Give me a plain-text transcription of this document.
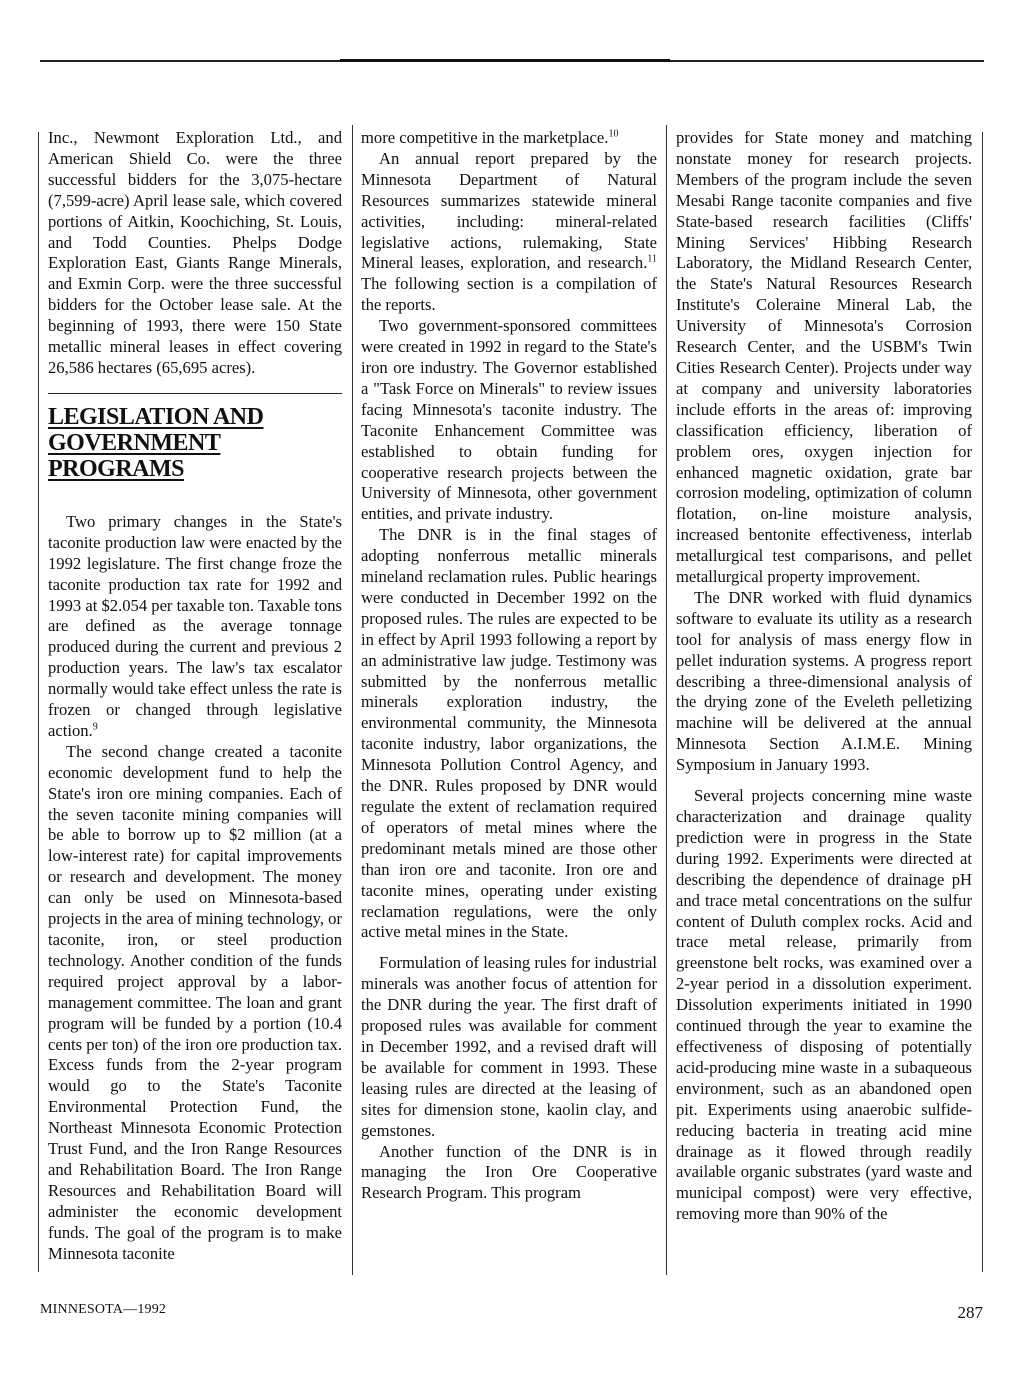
Inc., Newmont Exploration Ltd., and American Shield Co. were the three successful bidders for the 3,075-hectare (7,599-acre) April lease sale, which covered portions of Aitkin, Koochiching, St. Louis, and Todd Counties. Phelps Dodge Exploration East, Giants Range Minerals, and Exmin Corp. were the three successful bidders for the October lease sale. At the beginning of 1993, there were 150 State metallic mineral leases in effect covering 26,586 hectares (65,695 acres).

LEGISLATION AND
GOVERNMENT PROGRAMS

Two primary changes in the State's taconite production law were enacted by the 1992 legislature. The first change froze the taconite production tax rate for 1992 and 1993 at $2.054 per taxable ton. Taxable tons are defined as the average tonnage produced during the current and previous 2 production years. The law's tax escalator normally would take effect unless the rate is frozen or changed through legislative action.$^9$

The second change created a taconite economic development fund to help the State's iron ore mining companies. Each of the seven taconite mining companies will be able to borrow up to $2 million (at a low-interest rate) for capital improvements or research and development. The money can only be used on Minnesota-based projects in the area of mining technology, or taconite, iron, or steel production technology. Another condition of the funds required project approval by a labor-management committee. The loan and grant program will be funded by a portion (10.4 cents per ton) of the iron ore production tax. Excess funds from the 2-year program would go to the State's Taconite Environmental Protection Fund, the Northeast Minnesota Economic Protection Trust Fund, and the Iron Range Resources and Rehabilitation Board. The Iron Range Resources and Rehabilitation Board will administer the economic development funds. The goal of the program is to make Minnesota taconite

more competitive in the marketplace.$^{10}$

An annual report prepared by the Minnesota Department of Natural Resources summarizes statewide mineral activities, including: mineral-related legislative actions, rulemaking, State Mineral leases, exploration, and research.$^{11}$ The following section is a compilation of the reports.

Two government-sponsored committees were created in 1992 in regard to the State's iron ore industry. The Governor established a "Task Force on Minerals" to review issues facing Minnesota's taconite industry. The Taconite Enhancement Committee was established to obtain funding for cooperative research projects between the University of Minnesota, other government entities, and private industry.

The DNR is in the final stages of adopting nonferrous metallic minerals mineland reclamation rules. Public hearings were conducted in December 1992 on the proposed rules. The rules are expected to be in effect by April 1993 following a report by an administrative law judge. Testimony was submitted by the nonferrous metallic minerals exploration industry, the environmental community, the Minnesota taconite industry, labor organizations, the Minnesota Pollution Control Agency, and the DNR. Rules proposed by DNR would regulate the extent of reclamation required of operators of metal mines where the predominant metals mined are those other than iron ore and taconite. Iron ore and taconite mines, operating under existing reclamation regulations, were the only active metal mines in the State.

Formulation of leasing rules for industrial minerals was another focus of attention for the DNR during the year. The first draft of proposed rules was available for comment in December 1992, and a revised draft will be available for comment in 1993. These leasing rules are directed at the leasing of sites for dimension stone, kaolin clay, and gemstones.

Another function of the DNR is in managing the Iron Ore Cooperative Research Program. This program

provides for State money and matching nonstate money for research projects. Members of the program include the seven Mesabi Range taconite companies and five State-based research facilities (Cliffs' Mining Services' Hibbing Research Laboratory, the Midland Research Center, the State's Natural Resources Research Institute's Coleraine Mineral Lab, the University of Minnesota's Corrosion Research Center, and the USBM's Twin Cities Research Center). Projects under way at company and university laboratories include efforts in the areas of: improving classification efficiency, liberation of problem ores, oxygen injection for enhanced magnetic oxidation, grate bar corrosion modeling, optimization of column flotation, on-line moisture analysis, increased bentonite effectiveness, interlab metallurgical test comparisons, and pellet metallurgical property improvement.

The DNR worked with fluid dynamics software to evaluate its utility as a research tool for analysis of mass energy flow in pellet induration systems. A progress report describing a three-dimensional analysis of the drying zone of the Eveleth pelletizing machine will be delivered at the annual Minnesota Section A.I.M.E. Mining Symposium in January 1993.

Several projects concerning mine waste characterization and drainage quality prediction were in progress in the State during 1992. Experiments were directed at describing the dependence of drainage pH and trace metal concentrations on the sulfur content of Duluth complex rocks. Acid and trace metal release, primarily from greenstone belt rocks, was examined over a 2-year period in a dissolution experiment. Dissolution experiments initiated in 1990 continued through the year to examine the effectiveness of disposing of potentially acid-producing mine waste in a subaqueous environment, such as an abandoned open pit. Experiments using anaerobic sulfide-reducing bacteria in treating acid mine drainage as it flowed through readily available organic substrates (yard waste and municipal compost) were very effective, removing more than 90% of the

MINNESOTA—1992	287
